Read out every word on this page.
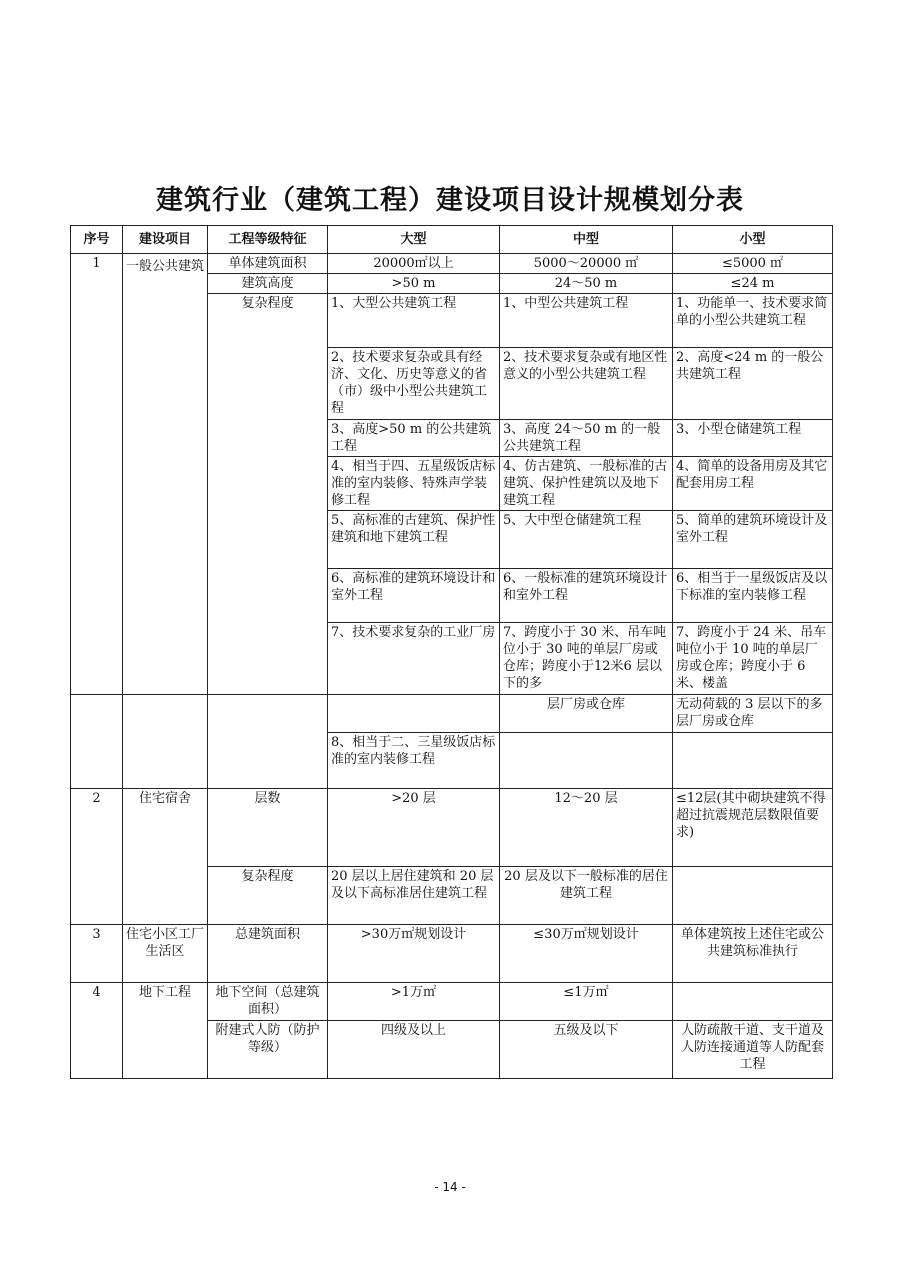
建筑行业（建筑工程）建设项目设计规模划分表
序号	建设项目	工程等级特征	大型	中型	小型
1	一般公共建筑	单体建筑面积	20000㎡以上	5000～20000 ㎡	≤5000 ㎡
		建筑高度	>50 m	24～50 m	≤24 m
		复杂程度	1、大型公共建筑工程	1、中型公共建筑工程	1、功能单一、技术要求简单的小型公共建筑工程
			2、技术要求复杂或具有经济、文化、历史等意义的省（市）级中小型公共建筑工程	2、技术要求复杂或有地区性意义的小型公共建筑工程	2、高度<24 m 的一般公共建筑工程
			3、高度>50 m 的公共建筑工程	3、高度 24～50 m 的一般公共建筑工程	3、小型仓储建筑工程
			4、相当于四、五星级饭店标准的室内装修、特殊声学装修工程	4、仿古建筑、一般标准的古建筑、保护性建筑以及地下建筑工程	4、简单的设备用房及其它配套用房工程
			5、高标准的古建筑、保护性建筑和地下建筑工程	5、大中型仓储建筑工程	5、简单的建筑环境设计及室外工程
			6、高标准的建筑环境设计和室外工程	6、一般标准的建筑环境设计和室外工程	6、相当于一星级饭店及以下标准的室内装修工程
			7、技术要求复杂的工业厂房	7、跨度小于 30 米、吊车吨位小于 30 吨的单层厂房或仓库；跨度小于12米6 层以下的多	7、跨度小于 24 米、吊车吨位小于 10 吨的单层厂房或仓库；跨度小于 6 米、楼盖
				层厂房或仓库	无动荷载的 3 层以下的多层厂房或仓库
			8、相当于二、三星级饭店标准的室内装修工程		
2	住宅宿舍	层数	>20 层	12～20 层	≤12层(其中砌块建筑不得超过抗震规范层数限值要求)
		复杂程度	20 层以上居住建筑和 20 层及以下高标准居住建筑工程	20 层及以下一般标准的居住建筑工程	
3	住宅小区工厂生活区	总建筑面积	>30万㎡规划设计	≤30万㎡规划设计	单体建筑按上述住宅或公共建筑标准执行
4	地下工程	地下空间（总建筑面积）	>1万㎡	≤1万㎡	
		附建式人防（防护等级）	四级及以上	五级及以下	人防疏散干道、支干道及人防连接通道等人防配套工程
- 14 -
